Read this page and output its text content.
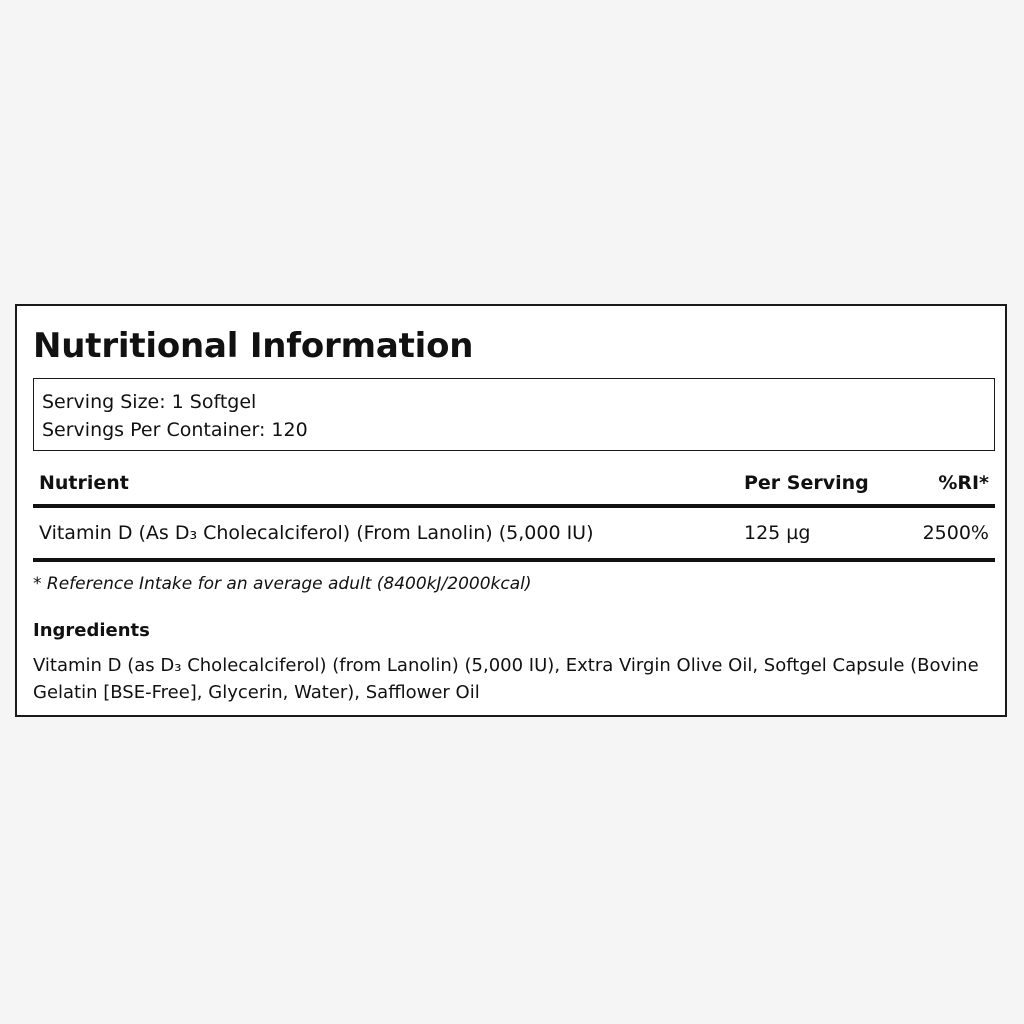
Nutritional Information
Serving Size: 1 Softgel
Servings Per Container: 120
Nutrient	Per Serving	%RI*
Vitamin D (As D₃ Cholecalciferol) (From Lanolin) (5,000 IU)	125 µg	2500%
* Reference Intake for an average adult (8400kJ/2000kcal)
Ingredients
Vitamin D (as D₃ Cholecalciferol) (from Lanolin) (5,000 IU), Extra Virgin Olive Oil, Softgel Capsule (Bovine Gelatin [BSE-Free], Glycerin, Water), Safflower Oil
